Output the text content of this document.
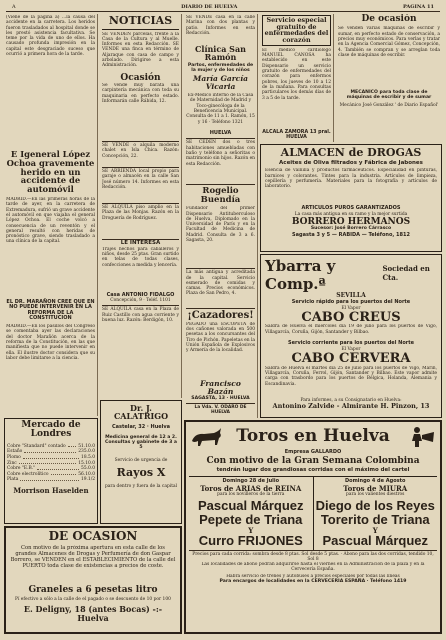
A	DIARIO DE HUELVA	PAGINA 11
(Viene de la página a) ...la causa del accidente en la carretera. Los heridos fueron trasladados al hospital donde se les prestó asistencia facultativa. Se teme por la vida de uno de ellos. Ha causado profunda impresión en la capital este desgraciado suceso que ocurrió a primera hora de la tarde.
E Igeneral López Ochoa gravemente herido en un accidente de automóvil
MADRID.—En las primeras horas de la tarde de ayer, en la carretera de Extremadura, sufrió un grave accidente el automóvil en que viajaba el general López Ochoa. El coche volcó a consecuencia de un reventón y el general resultó con heridas de pronóstico grave, siendo trasladado a una clínica de la capital.
EL DR. MARAÑON CREE QUE EN NO PUEDE INTERVENIR EN LA REFORMA DE LA CONSTITUCION
MADRID.—En los pasillos del Congreso se comentaba ayer las declaraciones del doctor Marañón acerca de la reforma de la Constitución, en las que manifiesta que no puede intervenir en ella. El ilustre doctor considera que su labor debe limitarse a la ciencia.
Mercado de Londres
Cobre "Standard" contado	51.10.0
Estaño	235.0.0
Plomo	18.5.0
Zinc	15.10.0
Cobre "E.B."	55.0.0
Cobre electrolítico	56.10.0
Plata	19.1/2
Morrison Haselden
NOTICIAS
SE VENDEN parcelas, frente a la Casa de la Cultura y al Muelle. Informes en esta Redacción. SE VENDE una finca en término de Aljaraque con casa de campo y arbolado. Dirigirse a esta Administración.
Ocasión
Se vende muy barata una carpintería mecánica con toda su maquinaria en perfecto estado. Informarán calle Rábida, 12.
SE VENDE o alquila moderno chalet en Isla Chica. Razón: Concepción, 22.
SE ARRIENDA local propio para garaje o almacén en la calle San José número 14. Informes en esta Redacción.
SE ALQUILA piso amplio en la Plaza de las Monjas. Razón en la Droguería de Rodríguez.
LE INTERESA
Trajes hechos para caballeros y niños, desde 25 ptas. Gran surtido en telas de todas clases, confecciones a medida y lencería.
Casa ANTONIO FIDALGO
Concepción, 9 · Teléf. 1101
SE ALQUILA casa en la Plaza de Ruiz Castillo con agua corriente y buena luz. Razón: Berdigón, 10.
Dr. J. CALATRIGO
Castelar, 32 · Huelva
Medicina general de 12 a 2. Consultas y gabinete de 3 a 5
Servicio de urgencia de
Rayos X
para dentro y fuera de la capital
SE VENDE casa en la calle Marina con dos plantas y patio. Informes en esta Redacción.
Clínica San Ramón
Partos, enfermedades de la mujer y de los niños
María García Vicaria
Ex-Médico interno de la Casa de Maternidad de Madrid y Toco-ginecóloga de la Beneficencia Municipal. Consulta de 11 a 1. Ramón, 15 y 16 · Teléfono 1321
HUELVA
SE CEDEN dos o tres habitaciones amuebladas con baño y teléfono a señoritas o matrimonio sin hijos. Razón en esta Redacción.
Rogelio Buendía
Fundador del primer Dispensario Antituberculoso de Huelva, Diplomado en la Universidad de París y en la Facultad de Medicina de Madrid. Consulta de 3 a 6. Sagasta, 20.
La más antigua y acreditada de la capital. Servicio esmerado de comidas y camas. Precios económicos. Plaza de San Pedro, 4.
¡Cazadores!
PEGADO una ESCOPETA de dos cañones valorada en 500 pesetas a los concursantes del Tiro de Pichón. Papeletas en la Unión Española de Explosivos y Armería de la localidad.
Francisco Bazán
SAGASTA, 13 · HUELVA
La Vda. V. ODARO DE HUELVA
Servicio especial gratuito de enfermedades del corazón
El médico cardiólogo MANUEL CANOSA ha establecido en este Dispensario un servicio gratuito de enfermedades del corazón para enfermos pobres, los jueves de 10 a 12 de la mañana. Para consultas particulares los demás días de 3 a 5 de la tarde.
ALCALA ZAMORA 13 pral.
HUELVA
De ocasión
Se venden varias máquinas de escribir y sumar, en perfecto estado de conservación, a precios muy económicos. Para verlas y tratar en la Agencia Comercial Gómez, Concepción, 4. También se compran y se arreglan toda clase de máquinas de escribir.
MECANICO para toda clase de máquinas de escribir y de sumar
Mecánico José González ' de Diario Español'
ALMACEN de DROGAS
Aceites de Oliva filtrados y Fábrica de Jabones
Esencia de vainilla y productos farmacéuticos. Especialidad en pinturas, barnices y colorantes. Tintes para la industria. Artículos de limpieza, cepillería y perfumería. Materiales para la fotografía y artículos de laboratorio.
ARTICULOS PUROS GARANTIZADOS
La casa más antigua en su ramo y la mejor surtida
BORRERO HERMANOS
Sucesor: José Borrero Cárrasco
Sagasta 3 y 5 — RABIDA — Teléfono, 1812
Ybarra y Comp.ª
Sociedad en Cta.
SEVILLA
Servicio rápido para los puertos del Norte
El Vapor
CABO CREUS
Saldrá de Huelva el miércoles día 19 de julio para los puertos de Vigo, Villagarcía, Coruña, Gijón, Santander y Bilbao.
Servicio corriente para los puertos del Norte
El Vapor
CABO CERVERA
Saldrá de Huelva el martes día 25 de julio para los puertos de Vigo, Marín, Villagarcía, Coruña, Ferrol, Gijón, Santander y Bilbao. Este vapor admite carga con trasbordo para los puertos de Bélgica, Holanda, Alemania y Escandinavia.
Para informes, a su Consignatario en Huelva:
Antonino Zalvide - Almirante H. Pinzon, 13
Toros en Huelva
Empresa GALLARDO
Con motivo de la Gran Semana Colombina
tendrán lugar dos grandiosas corridas con el máximo del cartel
Domingo 28 de Julio
Toros de ARIAS de REINA
para los novilleros de la tierra
Pascual Márquez
Pepete de Triana
Y
Curro FRIJONES
Domingo 4 de Agosto
Toros de MIURA
para los valientes diestros
Diego de los Reyes
Torerito de Triana
Y
Pascual Márquez
Precios para cada corrida: sombra desde 8 ptas. Sol desde 5 ptas. · Abono para las dos corridas, tendido 10, Sol 8
Las localidades de abono podrán adquirirse hasta el viernes en la Administración de la plaza y en la Cervecería España.
Habrá servicio de trenes y autobuses a precios especiales por todas las líneas
Para encargos de localidades en la CERVECERIA ESPAÑA · Teléfono 1419
DE OCASION
Con motivo de la próxima apertura en esta calle de los grandes Almacenes de Drogas y Perfumería de don Gaspar Borrero, se VENDEN en el ESTABLECIMIENTO de la calle del PUERTO toda clase de existencias a precios de coste.
Graneles a 6 pesetas litro
Pí efectivo a sólo a la calle de el pagado o se descuento de 10 por 100
E. Deligny, 18 (antes Bocas) -:- Huelva
